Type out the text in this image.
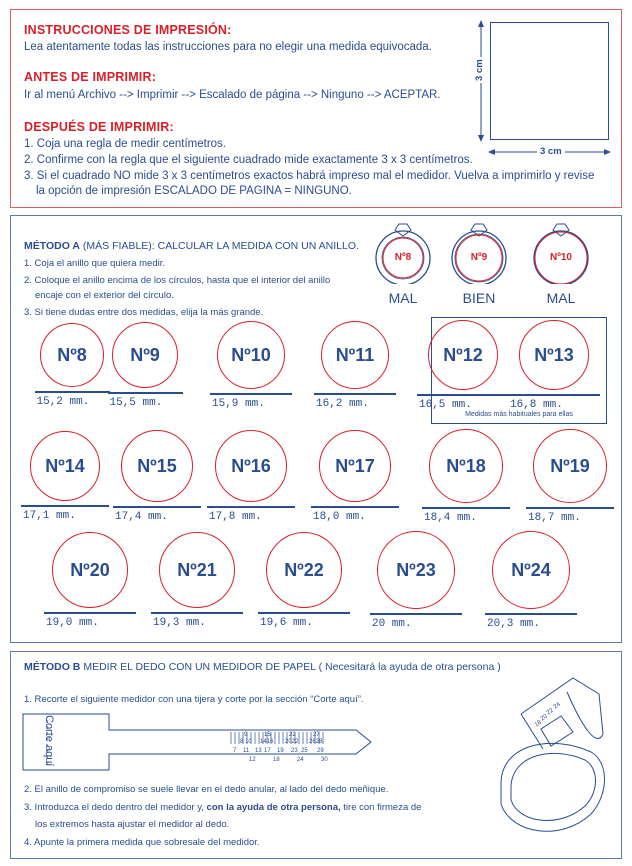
INSTRUCCIONES DE IMPRESIÓN:
Lea atentamente todas las instrucciones para no elegir una medida equivocada.
ANTES DE IMPRIMIR:
Ir al menú Archivo --> Imprimir --> Escalado de página --> Ninguno --> ACEPTAR.
DESPUÉS DE IMPRIMIR:
1. Coja una regla de medir centímetros.
2. Confirme con la regla que el siguiente cuadrado mide exactamente 3 x 3 centímetros.
3. Si el cuadrado NO mide 3 x 3 centímetros exactos habrá impreso mal el medidor. Vuelva a imprimirlo y revise
la opción de impresión ESCALADO DE PAGINA = NINGUNO.
3 cm
3 cm
MÉTODO A (MÁS FIABLE): CALCULAR LA MEDIDA CON UN ANILLO.
1. Coja el anillo que quiera medir.
2. Coloque el anillo encima de los círculos, hasta que el interior del anillo
encaje con el exterior del círculo.
3. Si tiene dudas entre dos medidas, elija la más grande.
Nº8
MAL
Nº9
BIEN
Nº10
MAL
Medidas más habituales para ellas
Nº8
15,2 mm.
Nº9
15,5 mm.
Nº10
15,9 mm.
Nº11
16,2 mm.
Nº12
16,5 mm.
Nº13
16,8 mm.
Nº14
17,1 mm.
Nº15
17,4 mm.
Nº16
17,8 mm.
Nº17
18,0 mm.
Nº18
18,4 mm.
Nº19
18,7 mm.
Nº20
19,0 mm.
Nº21
19,3 mm.
Nº22
19,6 mm.
Nº23
20 mm.
Nº24
20,3 mm.
MÉTODO B MEDIR EL DEDO CON UN MEDIDOR DE PAPEL ( Necesitará la ayuda de otra persona )
1. Recorte el siguiente medidor con una tijera y corte por la sección “Corte aquí”.
Corte aquí	9	15	22	27
8 10 1416 2022 2628
7 11 13 17 19 23 25 29
12	18	24	30
2. El anillo de compromiso se suele llevar en el dedo anular, al lado del dedo meñique.
3. Introduzca el dedo dentro del medidor y, con la ayuda de otra persona, tire con firmeza de
los extremos hasta ajustar el medidor al dedo.
4. Apunte la primera medida que sobresale del medidor.
24
22
20
18
